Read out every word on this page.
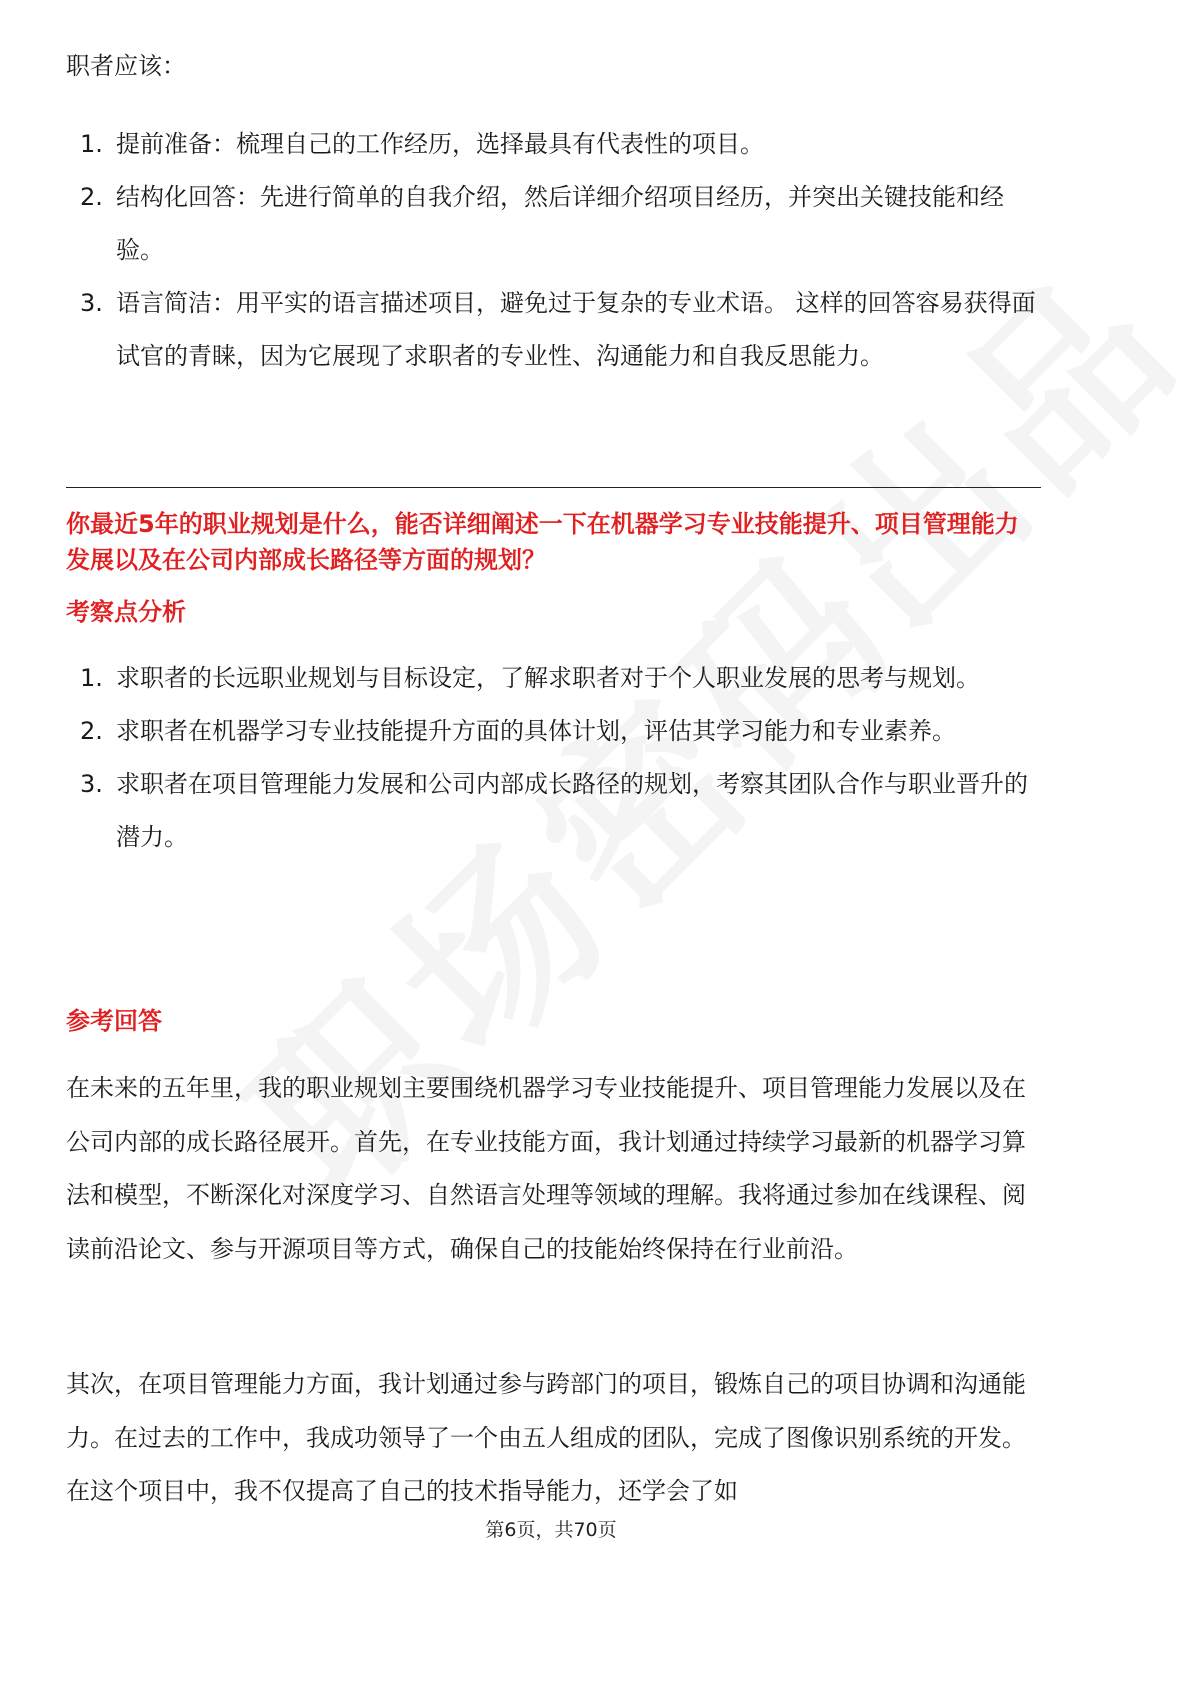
职者应该：
1. 提前准备：梳理自己的工作经历，选择最具有代表性的项目。
2. 结构化回答：先进行简单的自我介绍，然后详细介绍项目经历，并突出关键技能和经验。
3. 语言简洁：用平实的语言描述项目，避免过于复杂的专业术语。 这样的回答容易获得面试官的青睐，因为它展现了求职者的专业性、沟通能力和自我反思能力。
你最近5年的职业规划是什么，能否详细阐述一下在机器学习专业技能提升、项目管理能力发展以及在公司内部成长路径等方面的规划？
考察点分析
1. 求职者的长远职业规划与目标设定，了解求职者对于个人职业发展的思考与规划。
2. 求职者在机器学习专业技能提升方面的具体计划，评估其学习能力和专业素养。
3. 求职者在项目管理能力发展和公司内部成长路径的规划，考察其团队合作与职业晋升的潜力。
参考回答

在未来的五年里，我的职业规划主要围绕机器学习专业技能提升、项目管理能力发展以及在公司内部的成长路径展开。首先，在专业技能方面，我计划通过持续学习最新的机器学习算法和模型，不断深化对深度学习、自然语言处理等领域的理解。我将通过参加在线课程、阅读前沿论文、参与开源项目等方式，确保自己的技能始终保持在行业前沿。

其次，在项目管理能力方面，我计划通过参与跨部门的项目，锻炼自己的项目协调和沟通能力。在过去的工作中，我成功领导了一个由五人组成的团队，完成了图像识别系统的开发。在这个项目中，我不仅提高了自己的技术指导能力，还学会了如

第6页，共70页
